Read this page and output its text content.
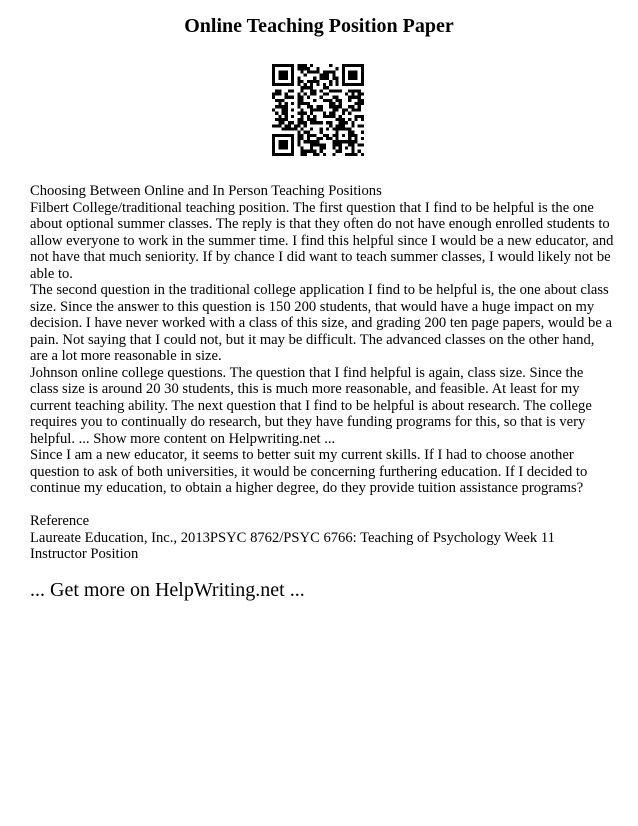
Online Teaching Position Paper

Choosing Between Online and In Person Teaching Positions

Filbert College/traditional teaching position. The first question that I find to be helpful is the one about optional summer classes. The reply is that they often do not have enough enrolled students to allow everyone to work in the summer time. I find this helpful since I would be a new educator, and not have that much seniority. If by chance I did want to teach summer classes, I would likely not be able to.

The second question in the traditional college application I find to be helpful is, the one about class size. Since the answer to this question is 150 200 students, that would have a huge impact on my decision. I have never worked with a class of this size, and grading 200 ten page papers, would be a pain. Not saying that I could not, but it may be difficult. The advanced classes on the other hand, are a lot more reasonable in size.

Johnson online college questions. The question that I find helpful is again, class size. Since the class size is around 20 30 students, this is much more reasonable, and feasible. At least for my current teaching ability. The next question that I find to be helpful is about research. The college requires you to continually do research, but they have funding programs for this, so that is very helpful. ... Show more content on Helpwriting.net ...

Since I am a new educator, it seems to better suit my current skills. If I had to choose another question to ask of both universities, it would be concerning furthering education. If I decided to continue my education, to obtain a higher degree, do they provide tuition assistance programs?

Reference

Laureate Education, Inc., 2013PSYC 8762/PSYC 6766: Teaching of Psychology Week 11 Instructor Position

... Get more on HelpWriting.net ...
